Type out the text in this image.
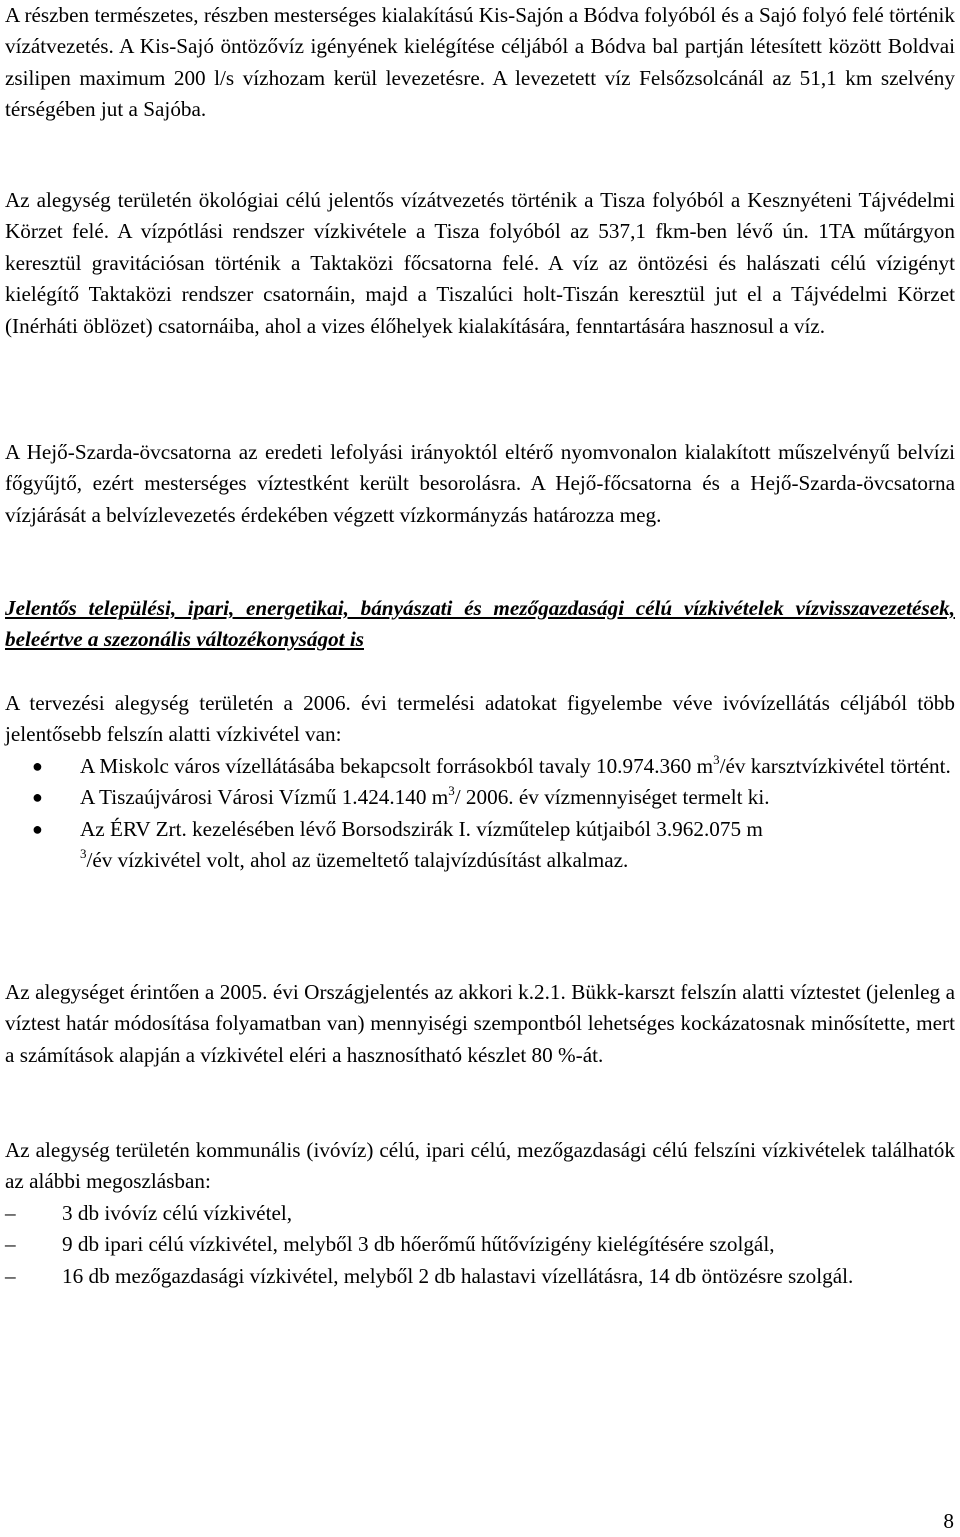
A részben természetes, részben mesterséges kialakítású Kis-Sajón a Bódva folyóból és a Sajó folyó felé történik vízátvezetés. A Kis-Sajó öntözővíz igényének kielégítése céljából a Bódva bal partján létesített között Boldvai zsilipen maximum 200 l/s vízhozam kerül levezetésre. A levezetett víz Felsőzsolcánál az 51,1 km szelvény térségében jut a Sajóba.

Az alegység területén ökológiai célú jelentős vízátvezetés történik a Tisza folyóból a Kesznyéteni Tájvédelmi Körzet felé. A vízpótlási rendszer vízkivétele a Tisza folyóból az 537,1 fkm-ben lévő ún. 1TA műtárgyon keresztül gravitációsan történik a Taktaközi főcsatorna felé. A víz az öntözési és halászati célú vízigényt kielégítő Taktaközi rendszer csatornáin, majd a Tiszalúci holt-Tiszán keresztül jut el a Tájvédelmi Körzet (Inérháti öblözet) csatornáiba, ahol a vizes élőhelyek kialakítására, fenntartására hasznosul a víz.

A Hejő-Szarda-övcsatorna az eredeti lefolyási irányoktól eltérő nyomvonalon kialakított műszelvényű belvízi főgyűjtő, ezért mesterséges víztestként került besorolásra. A Hejő-főcsatorna és a Hejő-Szarda-övcsatorna vízjárását a belvízlevezetés érdekében végzett vízkormányzás határozza meg.

Jelentős települési, ipari, energetikai, bányászati és mezőgazdasági célú vízkivételek vízvisszavezetések, beleértve a szezonális változékonyságot is

A tervezési alegység területén a 2006. évi termelési adatokat figyelembe véve ivóvízellátás céljából több jelentősebb felszín alatti vízkivétel van:

● A Miskolc város vízellátásába bekapcsolt forrásokból tavaly 10.974.360 $m^3/év$ karsztvízkivétel történt.
● A Tiszaújvárosi Városi Vízmű 1.424.140 $m^3/$ 2006. év vízmennyiséget termelt ki.
● Az ÉRV Zrt. kezelésében lévő Borsodszirák I. vízműtelep kútjaiból 3.962.075 m
$^3$/év vízkivétel volt, ahol az üzemeltető talajvízdúsítást alkalmaz.

Az alegységet érintően a 2005. évi Országjelentés az akkori k.2.1. Bükk-karszt felszín alatti víztestet (jelenleg a víztest határ módosítása folyamatban van) mennyiségi szempontból lehetséges kockázatosnak minősítette, mert a számítások alapján a vízkivétel eléri a hasznosítható készlet 80 %-át.

Az alegység területén kommunális (ivóvíz) célú, ipari célú, mezőgazdasági célú felszíni vízkivételek találhatók az alábbi megoszlásban:

– 3 db ivóvíz célú vízkivétel,
– 9 db ipari célú vízkivétel, melyből 3 db hőerőmű hűtővízigény kielégítésére szolgál,
– 16 db mezőgazdasági vízkivétel, melyből 2 db halastavi vízellátásra, 14 db öntözésre szolgál.
8
